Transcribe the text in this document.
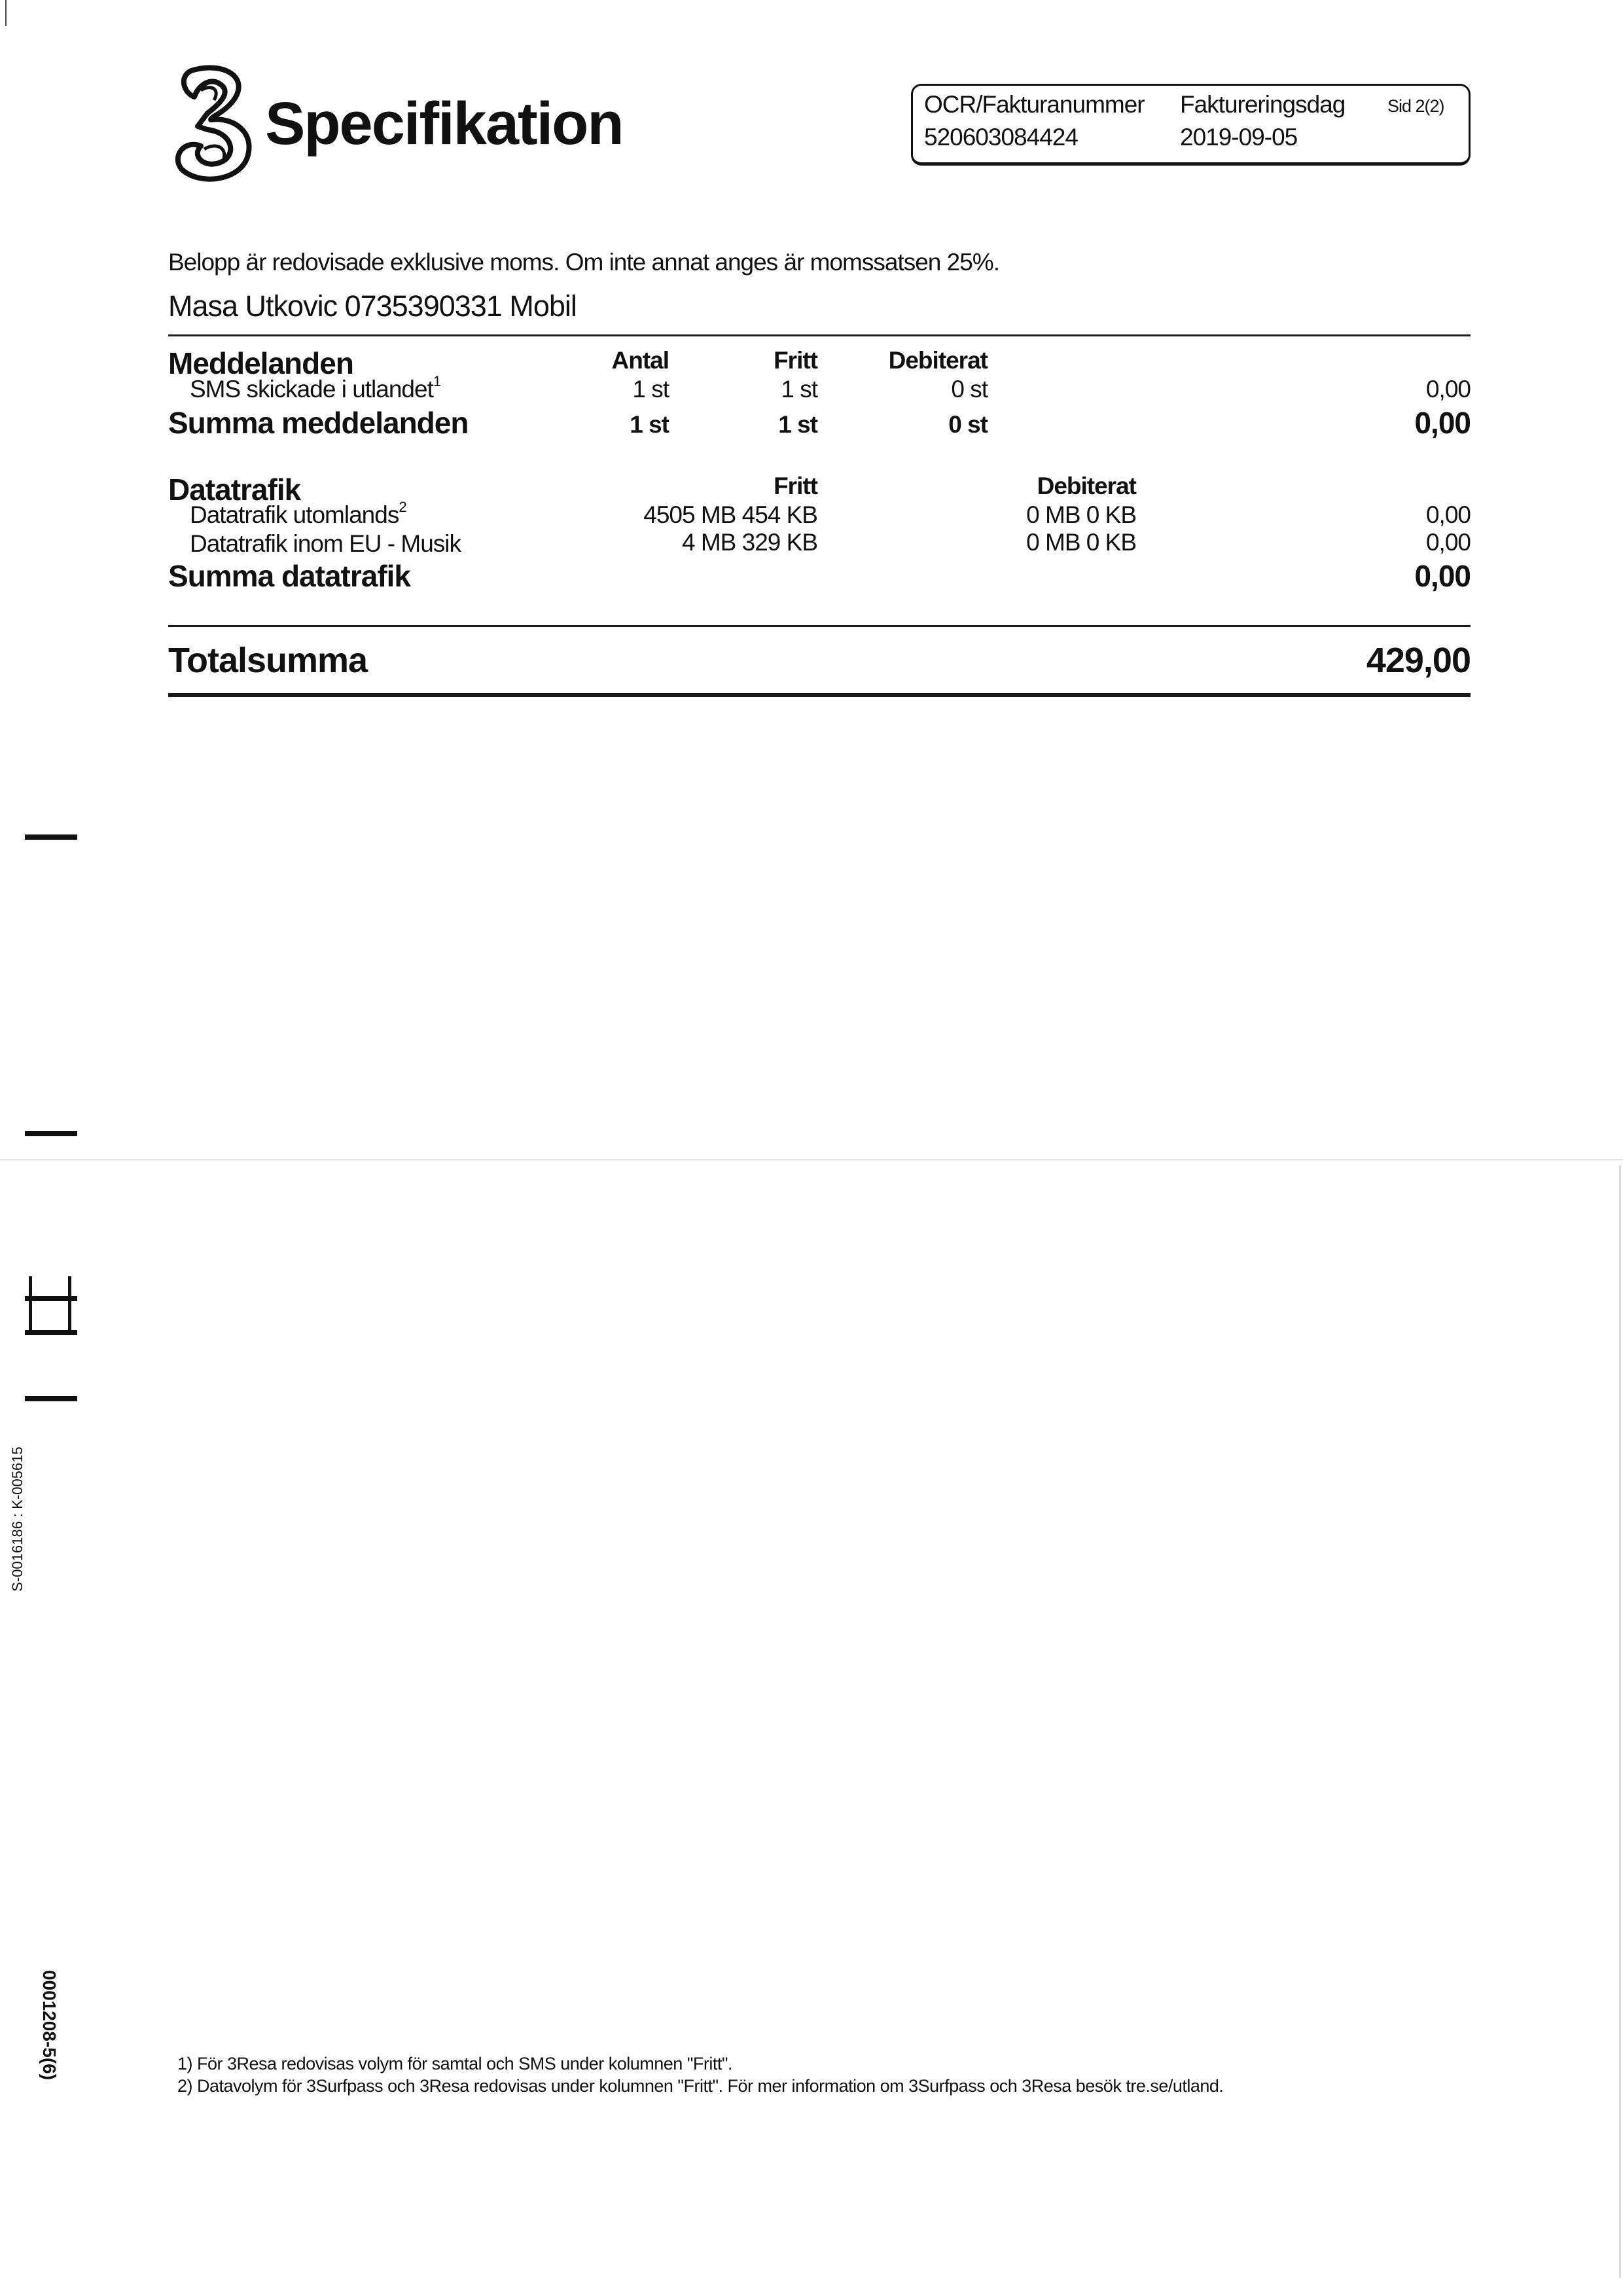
Specifikation	OCR/Fakturanummer
520603084424
Faktureringsdag
2019-09-05
Sid 2(2)
Belopp är redovisade exklusive moms. Om inte annat anges är momssatsen 25%.
Masa Utkovic 0735390331 Mobil
Meddelanden	Antal	Fritt	Debiterat
SMS skickade i utlandet$^1$	1 st	1 st	0 st	0,00
Summa meddelanden	1 st	1 st	0 st	0,00
Datatrafik	Fritt	Debiterat
Datatrafik utomlands$^2$	4505 MB 454 KB	0 MB 0 KB	0,00
Datatrafik inom EU - Musik	4 MB 329 KB	0 MB 0 KB	0,00
Summa datatrafik	0,00
Totalsumma	429,00
1) För 3Resa redovisas volym för samtal och SMS under kolumnen "Fritt".
2) Datavolym för 3Surfpass och 3Resa redovisas under kolumnen "Fritt". För mer information om 3Surfpass och 3Resa besök tre.se/utland.
S-0016186 : K-005615
0001208-5(6)
